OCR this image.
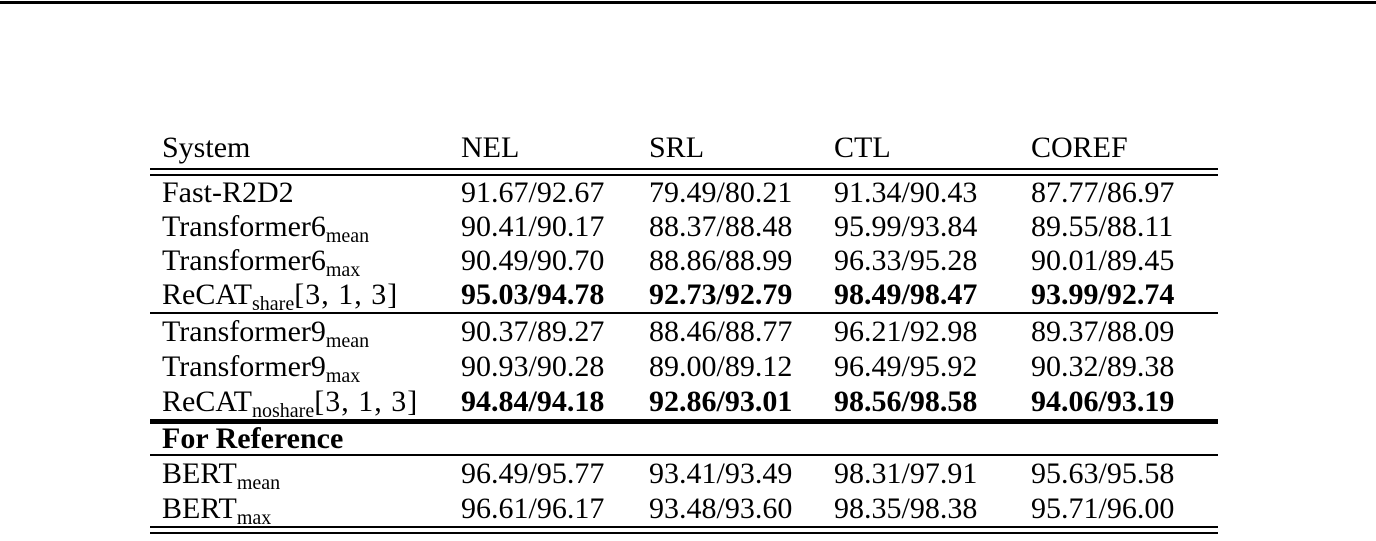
System	NEL	SRL	CTL	COREF
Fast-R2D2	91.67/92.67	79.49/80.21	91.34/90.43	87.77/86.97
$Transformer6_{mean}$	90.41/90.17	88.37/88.48	95.99/93.84	89.55/88.11
$Transformer6_{max}$	90.49/90.70	88.86/88.99	96.33/95.28	90.01/89.45
ReCAT$_{share}$[3, 1, 3]	95.03/94.78	92.73/92.79	98.49/98.47	93.99/92.74
$Transformer9_{mean}$	90.37/89.27	88.46/88.77	96.21/92.98	89.37/88.09
$Transformer9_{max}$	90.93/90.28	89.00/89.12	96.49/95.92	90.32/89.38
ReCAT$_{noshare}$[3, 1, 3]	94.84/94.18	92.86/93.01	98.56/98.58	94.06/93.19
For Reference
$BERT_{mean}$	96.49/95.77	93.41/93.49	98.31/97.91	95.63/95.58
$BERT_{max}$	96.61/96.17	93.48/93.60	98.35/98.38	95.71/96.00
